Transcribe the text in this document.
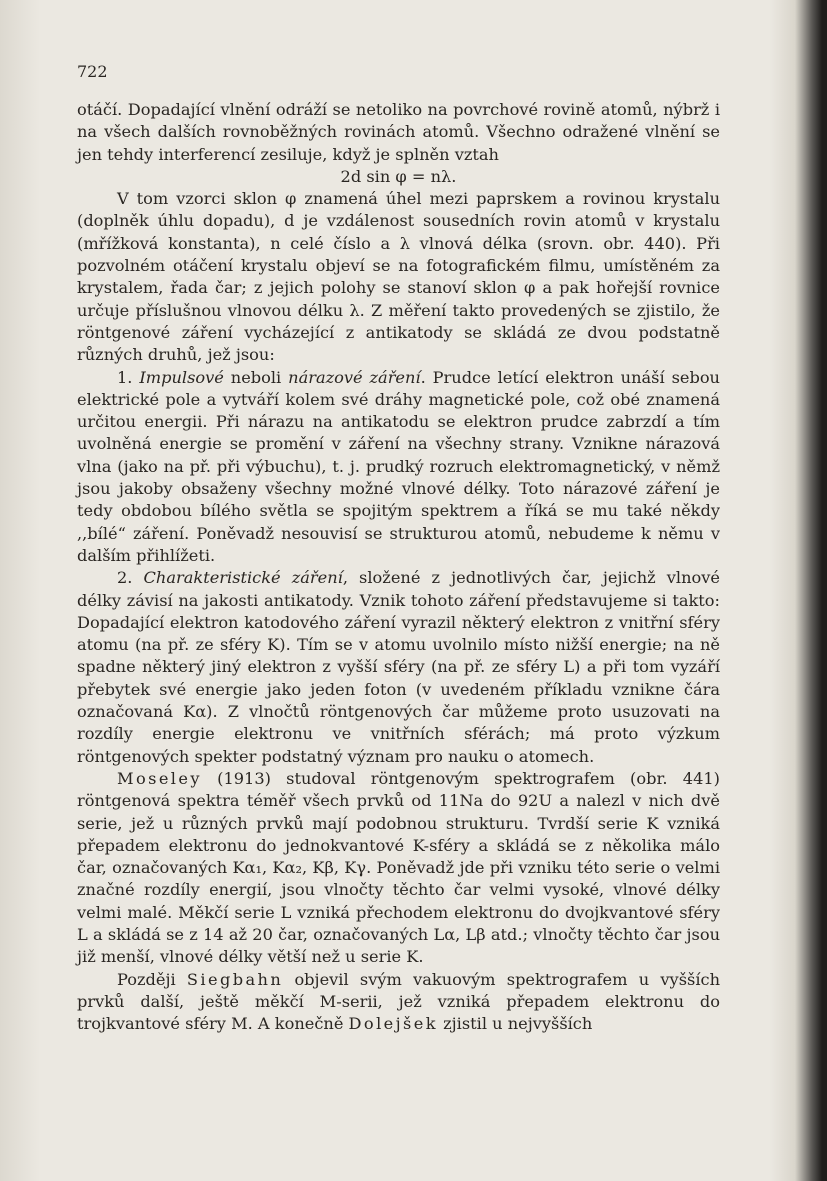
722

otáčí. Dopadající vlnění odráží se netoliko na povrchové rovině atomů, nýbrž i na všech dalších rovnoběžných rovinách atomů. Všechno odražené vlnění se jen tehdy interferencí zesiluje, když je splněn vztah

2d sin φ = nλ.

V tom vzorci sklon φ znamená úhel mezi paprskem a rovinou krystalu (doplněk úhlu dopadu), d je vzdálenost sousedních rovin atomů v krystalu (mřížková konstanta), n celé číslo a λ vlnová délka (srovn. obr. 440). Při pozvolném otáčení krystalu objeví se na fotografickém filmu, umístěném za krystalem, řada čar; z jejich polohy se stanoví sklon φ a pak hořejší rovnice určuje příslušnou vlnovou délku λ. Z měření takto provedených se zjistilo, že röntgenové záření vycházející z antikatody se skládá ze dvou podstatně různých druhů, jež jsou:

1. Impulsové neboli nárazové záření. Prudce letící elektron unáší sebou elektrické pole a vytváří kolem své dráhy magnetické pole, což obé znamená určitou energii. Při nárazu na antikatodu se elektron prudce zabrzdí a tím uvolněná energie se promění v záření na všechny strany. Vznikne nárazová vlna (jako na př. při výbuchu), t. j. prudký rozruch elektromagnetický, v němž jsou jakoby obsaženy všechny možné vlnové délky. Toto nárazové záření je tedy obdobou bílého světla se spojitým spektrem a říká se mu také někdy ,,bílé“ záření. Poněvadž nesouvisí se strukturou atomů, nebudeme k němu v dalším přihlížeti.

2. Charakteristické záření, složené z jednotlivých čar, jejichž vlnové délky závisí na jakosti antikatody. Vznik tohoto záření představujeme si takto: Dopadající elektron katodového záření vyrazil některý elektron z vnitřní sféry atomu (na př. ze sféry K). Tím se v atomu uvolnilo místo nižší energie; na ně spadne některý jiný elektron z vyšší sféry (na př. ze sféry L) a při tom vyzáří přebytek své energie jako jeden foton (v uvedeném příkladu vznikne čára označovaná Kα). Z vlnočtů röntgenových čar můžeme proto usuzovati na rozdíly energie elektronu ve vnitřních sférách; má proto výzkum röntgenových spekter podstatný význam pro nauku o atomech.

Moseley (1913) studoval röntgenovým spektrografem (obr. 441) röntgenová spektra téměř všech prvků od 11Na do 92U a nalezl v nich dvě serie, jež u různých prvků mají podobnou strukturu. Tvrdší serie K vzniká přepadem elektronu do jednokvantové K-sféry a skládá se z několika málo čar, označovaných Kα₁, Kα₂, Kβ, Kγ. Poněvadž jde při vzniku této serie o velmi značné rozdíly energií, jsou vlnočty těchto čar velmi vysoké, vlnové délky velmi malé. Měkčí serie L vzniká přechodem elektronu do dvojkvantové sféry L a skládá se z 14 až 20 čar, označovaných Lα, Lβ atd.; vlnočty těchto čar jsou již menší, vlnové délky větší než u serie K.

Později Siegbahn objevil svým vakuovým spektrografem u vyšších prvků další, ještě měkčí M-serii, jež vzniká přepadem elektronu do trojkvantové sféry M. A konečně Dolejšek zjistil u nejvyšších
